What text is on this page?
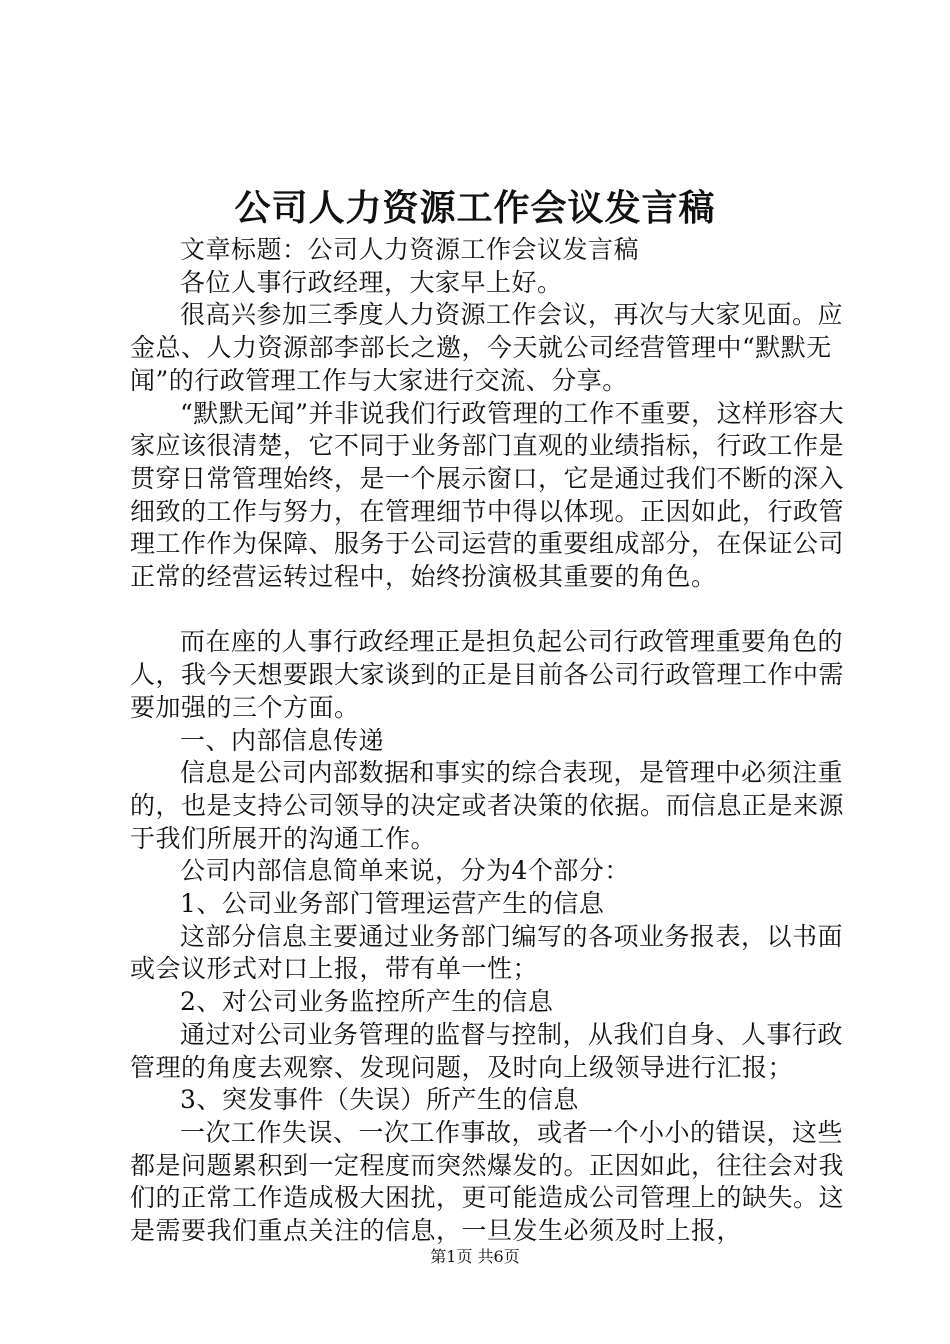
公司人力资源工作会议发言稿

文章标题：公司人力资源工作会议发言稿

各位人事行政经理，大家早上好。

很高兴参加三季度人力资源工作会议，再次与大家见面。应金总、人力资源部李部长之邀，今天就公司经营管理中“默默无闻”的行政管理工作与大家进行交流、分享。

“默默无闻”并非说我们行政管理的工作不重要，这样形容大家应该很清楚，它不同于业务部门直观的业绩指标，行政工作是贯穿日常管理始终，是一个展示窗口，它是通过我们不断的深入细致的工作与努力，在管理细节中得以体现。正因如此，行政管理工作作为保障、服务于公司运营的重要组成部分，在保证公司正常的经营运转过程中，始终扮演极其重要的角色。

而在座的人事行政经理正是担负起公司行政管理重要角色的人，我今天想要跟大家谈到的正是目前各公司行政管理工作中需要加强的三个方面。

一、内部信息传递

信息是公司内部数据和事实的综合表现，是管理中必须注重的，也是支持公司领导的决定或者决策的依据。而信息正是来源于我们所展开的沟通工作。

公司内部信息简单来说，分为4个部分：

1、公司业务部门管理运营产生的信息

这部分信息主要通过业务部门编写的各项业务报表，以书面或会议形式对口上报，带有单一性；

2、对公司业务监控所产生的信息

通过对公司业务管理的监督与控制，从我们自身、人事行政管理的角度去观察、发现问题，及时向上级领导进行汇报；

3、突发事件（失误）所产生的信息

一次工作失误、一次工作事故，或者一个小小的错误，这些都是问题累积到一定程度而突然爆发的。正因如此，往往会对我们的正常工作造成极大困扰，更可能造成公司管理上的缺失。这是需要我们重点关注的信息，一旦发生必须及时上报，

第1页 共6页
